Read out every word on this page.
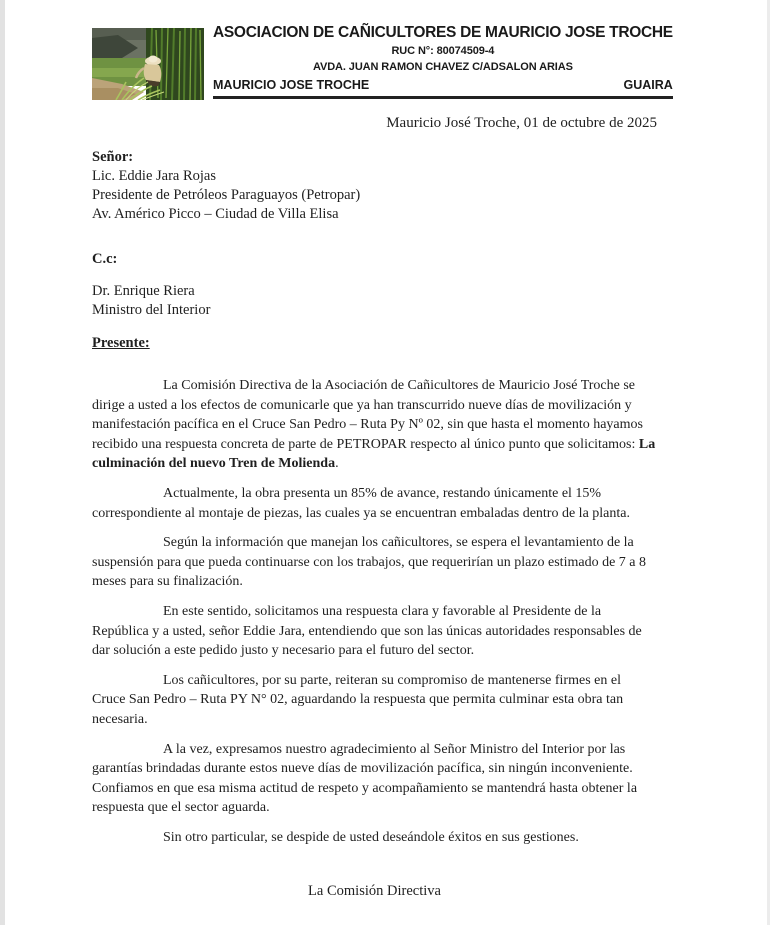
ASOCIACION DE CAÑICULTORES DE MAURICIO JOSE TROCHE
RUC N°: 80074509-4
AVDA. JUAN RAMON CHAVEZ C/ADSALON ARIAS
MAURICIO JOSE TROCHE	GUAIRA
Mauricio José Troche, 01 de octubre de 2025
Señor:
Lic. Eddie Jara Rojas
Presidente de Petróleos Paraguayos (Petropar)
Av. Américo Picco – Ciudad de Villa Elisa
C.c:
Dr. Enrique Riera
Ministro del Interior
Presente:

La Comisión Directiva de la Asociación de Cañicultores de Mauricio José Troche se dirige a usted a los efectos de comunicarle que ya han transcurrido nueve días de movilización y manifestación pacífica en el Cruce San Pedro – Ruta Py Nº 02, sin que hasta el momento hayamos recibido una respuesta concreta de parte de PETROPAR respecto al único punto que solicitamos: La culminación del nuevo Tren de Molienda.

Actualmente, la obra presenta un 85% de avance, restando únicamente el 15% correspondiente al montaje de piezas, las cuales ya se encuentran embaladas dentro de la planta.

Según la información que manejan los cañicultores, se espera el levantamiento de la suspensión para que pueda continuarse con los trabajos, que requerirían un plazo estimado de 7 a 8 meses para su finalización.

En este sentido, solicitamos una respuesta clara y favorable al Presidente de la República y a usted, señor Eddie Jara, entendiendo que son las únicas autoridades responsables de dar solución a este pedido justo y necesario para el futuro del sector.

Los cañicultores, por su parte, reiteran su compromiso de mantenerse firmes en el Cruce San Pedro – Ruta PY N° 02, aguardando la respuesta que permita culminar esta obra tan necesaria.

A la vez, expresamos nuestro agradecimiento al Señor Ministro del Interior por las garantías brindadas durante estos nueve días de movilización pacífica, sin ningún inconveniente. Confiamos en que esa misma actitud de respeto y acompañamiento se mantendrá hasta obtener la respuesta que el sector aguarda.

Sin otro particular, se despide de usted deseándole éxitos en sus gestiones.

La Comisión Directiva
